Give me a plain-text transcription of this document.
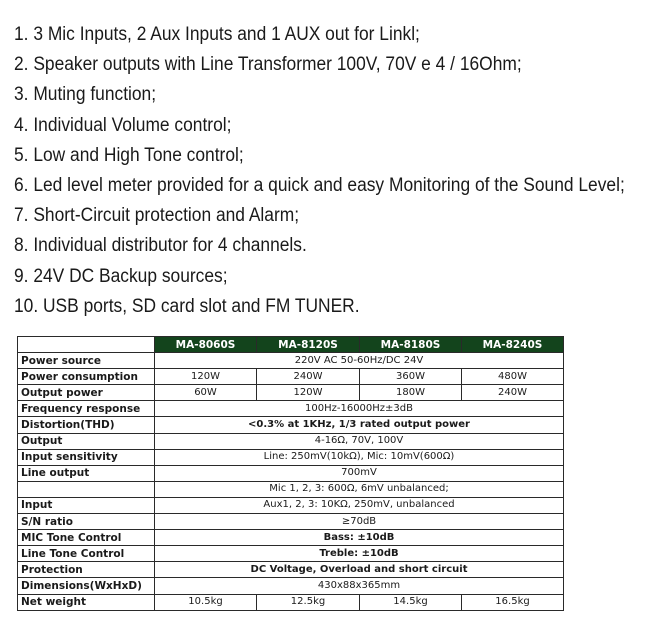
1. 3 Mic Inputs, 2 Aux Inputs and 1 AUX out for Linkl;
2. Speaker outputs with Line Transformer 100V, 70V e 4 / 16Ohm;
3. Muting function;
4. Individual Volume control;
5. Low and High Tone control;
6. Led level meter provided for a quick and easy Monitoring of the Sound Level;
7. Short-Circuit protection and Alarm;
8. Individual distributor for 4 channels.
9. 24V DC Backup sources;
10. USB ports, SD card slot and FM TUNER.
	MA-8060S	MA-8120S	MA-8180S	MA-8240S
Power source	220V AC 50-60Hz/DC 24V			
Power consumption	120W	240W	360W	480W
Output power	60W	120W	180W	240W
Frequency response	100Hz-16000Hz±3dB			
Distortion(THD)	<0.3% at 1KHz, 1/3 rated output power			
Output	4-16Ω, 70V, 100V			
Input sensitivity	Line: 250mV(10kΩ), Mic: 10mV(600Ω)			
Line output	700mV			
	Mic 1, 2, 3: 600Ω, 6mV unbalanced;			
Input	Aux1, 2, 3: 10KΩ, 250mV, unbalanced			
S/N ratio	≥70dB			
MIC Tone Control	Bass: ±10dB			
Line Tone Control	Treble: ±10dB			
Protection	DC Voltage, Overload and short circuit			
Dimensions(WxHxD)	430x88x365mm			
Net weight	10.5kg	12.5kg	14.5kg	16.5kg
